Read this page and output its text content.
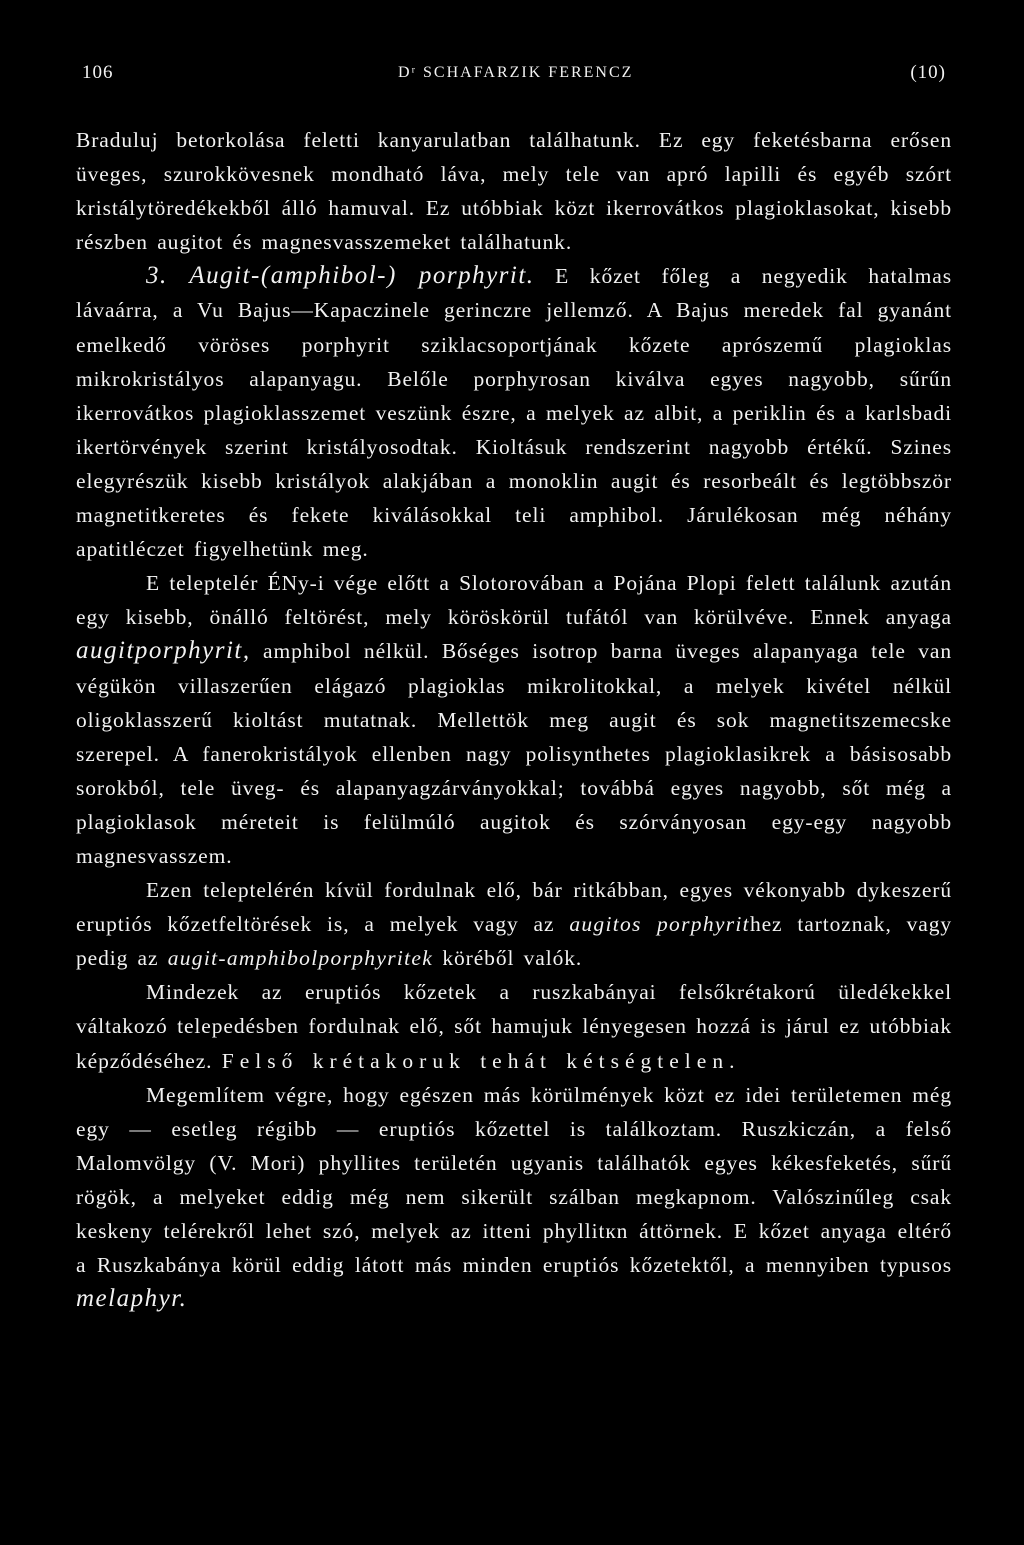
106	Dʳ SCHAFARZIK FERENCZ	(10)

Braduluj betorkolása feletti kanyarulatban találhatunk. Ez egy feketésbarna erősen üveges, szurokkövesnek mondható láva, mely tele van apró lapilli és egyéb szórt kristálytöredékekből álló hamuval. Ez utóbbiak közt ikerrovátkos plagioklasokat, kisebb részben augitot és magnesvasszemeket találhatunk.

3. Augit-(amphibol-) porphyrit. E kőzet főleg a negyedik hatalmas lávaárra, a Vu Bajus—Kapaczinele gerinczre jellemző. A Bajus meredek fal gyanánt emelkedő vöröses porphyrit sziklacsoportjának kőzete aprószemű plagioklas mikrokristályos alapanyagu. Belőle porphyrosan kiválva egyes nagyobb, sűrűn ikerrovátkos plagioklasszemet veszünk észre, a melyek az albit, a periklin és a karlsbadi ikertörvények szerint kristályosodtak. Kioltásuk rendszerint nagyobb értékű. Szines elegyrészük kisebb kristályok alakjában a monoklin augit és resorbeált és legtöbbször magnetitkeretes és fekete kiválásokkal teli amphibol. Járulékosan még néhány apatitléczet figyelhetünk meg.

E teleptelér ÉNy-i vége előtt a Slotorovában a Pojána Plopi felett találunk azután egy kisebb, önálló feltörést, mely köröskörül tufától van körülvéve. Ennek anyaga augitporphyrit, amphibol nélkül. Bőséges isotrop barna üveges alapanyaga tele van végükön villaszerűen elágazó plagioklas mikrolitokkal, a melyek kivétel nélkül oligoklasszerű kioltást mutatnak. Mellettök meg augit és sok magnetitszemecske szerepel. A fanerokristályok ellenben nagy polisynthetes plagioklasikrek a básisosabb sorokból, tele üveg- és alapanyagzárványokkal; továbbá egyes nagyobb, sőt még a plagioklasok méreteit is felülmúló augitok és szórványosan egy-egy nagyobb magnesvasszem.

Ezen teleptelérén kívül fordulnak elő, bár ritkábban, egyes vékonyabb dykeszerű eruptiós kőzetfeltörések is, a melyek vagy az augitos porphyrithez tartoznak, vagy pedig az augit-amphibolporphyritek köréből valók.

Mindezek az eruptiós kőzetek a ruszkabányai felsőkrétakorú üledékekkel váltakozó telepedésben fordulnak elő, sőt hamujuk lényegesen hozzá is járul ez utóbbiak képződéséhez. Felső krétakoruk tehát kétségtelen.

Megemlítem végre, hogy egészen más körülmények közt ez idei területemen még egy — esetleg régibb — eruptiós kőzettel is találkoztam. Ruszkiczán, a felső Malomvölgy (V. Mori) phyllites területén ugyanis találhatók egyes kékesfeketés, sűrű rögök, a melyeket eddig még nem sikerült szálban megkapnom. Valószinűleg csak keskeny telérekről lehet szó, melyek az itteni phyllitкn áttörnek. E kőzet anyaga eltérő a Ruszkabánya körül eddig látott más minden eruptiós kőzetektől, a mennyiben typusos melaphyr.
